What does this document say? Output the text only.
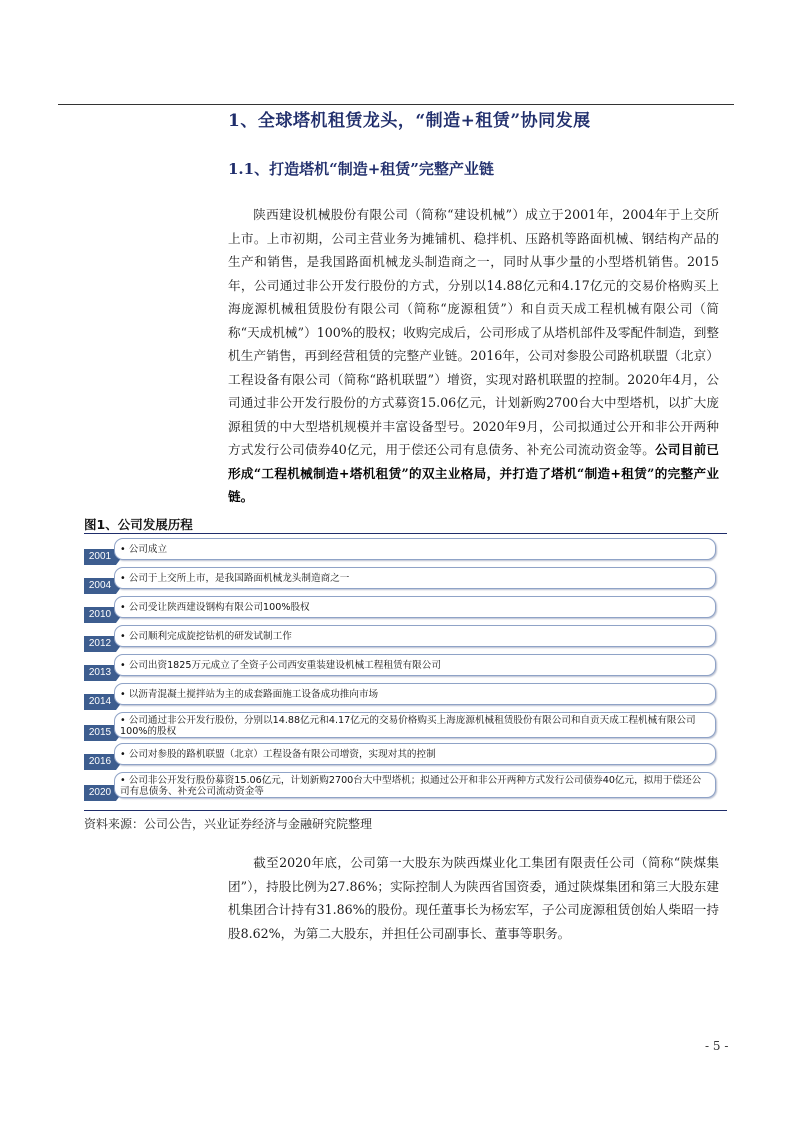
1、全球塔机租赁龙头，“制造+租赁”协同发展
1.1、打造塔机“制造+租赁”完整产业链

陕西建设机械股份有限公司（简称“建设机械”）成立于2001年，2004年于上交所上市。上市初期，公司主营业务为摊铺机、稳拌机、压路机等路面机械、钢结构产品的生产和销售，是我国路面机械龙头制造商之一，同时从事少量的小型塔机销售。2015年，公司通过非公开发行股份的方式，分别以14.88亿元和4.17亿元的交易价格购买上海庞源机械租赁股份有限公司（简称“庞源租赁”）和自贡天成工程机械有限公司（简称“天成机械”）100%的股权；收购完成后，公司形成了从塔机部件及零配件制造，到整机生产销售，再到经营租赁的完整产业链。2016年，公司对参股公司路机联盟（北京）工程设备有限公司（简称“路机联盟”）增资，实现对路机联盟的控制。2020年4月，公司通过非公开发行股份的方式募资15.06亿元，计划新购2700台大中型塔机，以扩大庞源租赁的中大型塔机规模并丰富设备型号。2020年9月，公司拟通过公开和非公开两种方式发行公司债券40亿元，用于偿还公司有息债务、补充公司流动资金等。公司目前已形成“工程机械制造+塔机租赁”的双主业格局，并打造了塔机“制造+租赁”的完整产业链。

图1、公司发展历程
2001
• 公司成立
2004
• 公司于上交所上市，是我国路面机械龙头制造商之一
2010
• 公司受让陕西建设钢构有限公司100%股权
2012
• 公司顺利完成旋挖钻机的研发试制工作
2013
• 公司出资1825万元成立了全资子公司西安重装建设机械工程租赁有限公司
2014
• 以沥青混凝土搅拌站为主的成套路面施工设备成功推向市场
2015
• 公司通过非公开发行股份，分别以14.88亿元和4.17亿元的交易价格购买上海庞源机械租赁股份有限公司和自贡天成工程机械有限公司100%的股权
2016
• 公司对参股的路机联盟（北京）工程设备有限公司增资，实现对其的控制
2020
• 公司非公开发行股份募资15.06亿元，计划新购2700台大中型塔机；拟通过公开和非公开两种方式发行公司债券40亿元，拟用于偿还公司有息债务、补充公司流动资金等
资料来源：公司公告，兴业证券经济与金融研究院整理

截至2020年底，公司第一大股东为陕西煤业化工集团有限责任公司（简称“陕煤集团”），持股比例为27.86%；实际控制人为陕西省国资委，通过陕煤集团和第三大股东建机集团合计持有31.86%的股份。现任董事长为杨宏军，子公司庞源租赁创始人柴昭一持股8.62%，为第二大股东，并担任公司副事长、董事等职务。

- 5 -
